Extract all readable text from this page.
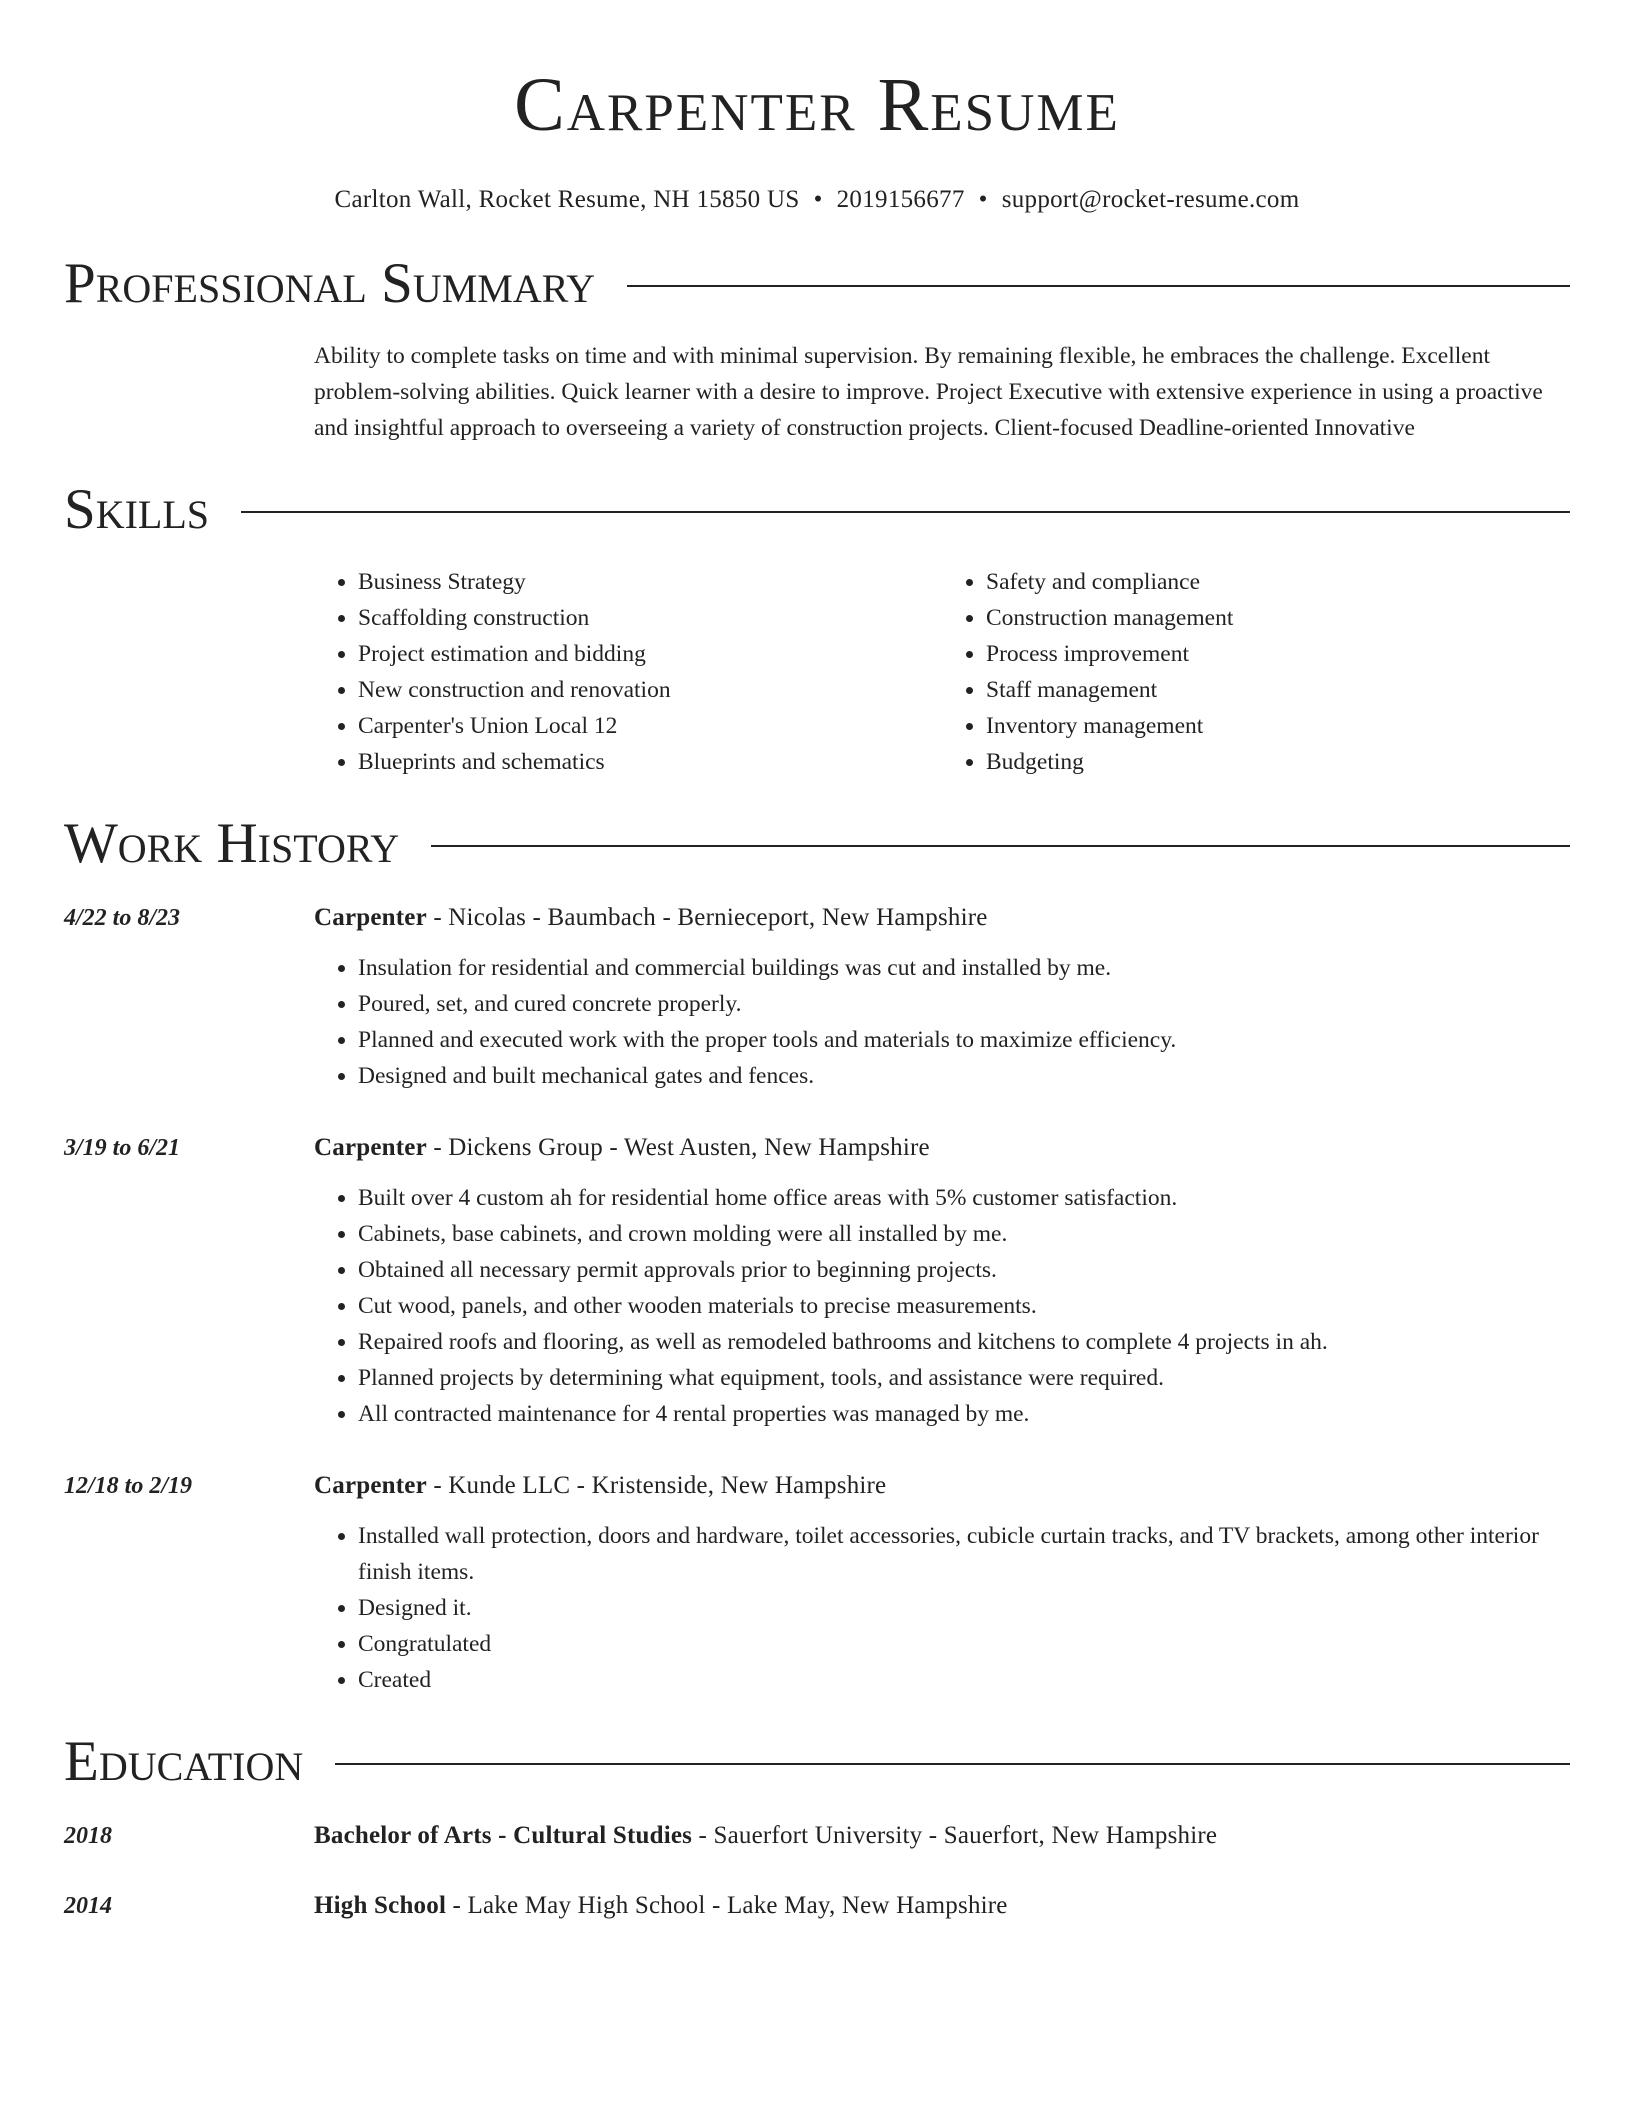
Carpenter Resume
Carlton Wall, Rocket Resume, NH 15850 US • 2019156677 • support@rocket-resume.com
Professional Summary
Ability to complete tasks on time and with minimal supervision. By remaining flexible, he embraces the challenge. Excellent problem-solving abilities. Quick learner with a desire to improve. Project Executive with extensive experience in using a proactive and insightful approach to overseeing a variety of construction projects. Client-focused Deadline-oriented Innovative
Skills
• Business Strategy
• Scaffolding construction
• Project estimation and bidding
• New construction and renovation
• Carpenter's Union Local 12
• Blueprints and schematics
• Safety and compliance
• Construction management
• Process improvement
• Staff management
• Inventory management
• Budgeting
Work History
4/22 to 8/23	Carpenter - Nicolas - Baumbach - Bernieceport, New Hampshire
• Insulation for residential and commercial buildings was cut and installed by me.
• Poured, set, and cured concrete properly.
• Planned and executed work with the proper tools and materials to maximize efficiency.
• Designed and built mechanical gates and fences.
3/19 to 6/21	Carpenter - Dickens Group - West Austen, New Hampshire
• Built over 4 custom ah for residential home office areas with 5% customer satisfaction.
• Cabinets, base cabinets, and crown molding were all installed by me.
• Obtained all necessary permit approvals prior to beginning projects.
• Cut wood, panels, and other wooden materials to precise measurements.
• Repaired roofs and flooring, as well as remodeled bathrooms and kitchens to complete 4 projects in ah.
• Planned projects by determining what equipment, tools, and assistance were required.
• All contracted maintenance for 4 rental properties was managed by me.
12/18 to 2/19	Carpenter - Kunde LLC - Kristenside, New Hampshire
• Installed wall protection, doors and hardware, toilet accessories, cubicle curtain tracks, and TV brackets, among other interior finish items.
• Designed it.
• Congratulated
• Created
Education
2018	Bachelor of Arts - Cultural Studies - Sauerfort University - Sauerfort, New Hampshire
2014	High School - Lake May High School - Lake May, New Hampshire
